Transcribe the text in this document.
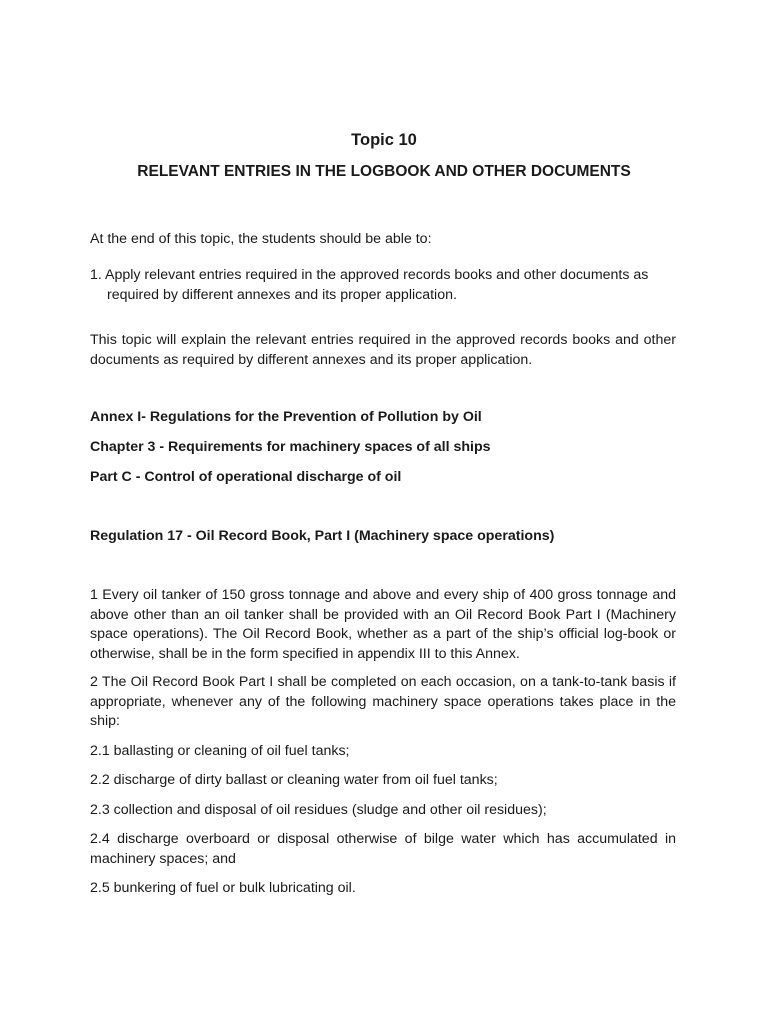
Topic 10

RELEVANT ENTRIES IN THE LOGBOOK AND OTHER DOCUMENTS

At the end of this topic, the students should be able to:

1. Apply relevant entries required in the approved records books and other documents as required by different annexes and its proper application.

This topic will explain the relevant entries required in the approved records books and other documents as required by different annexes and its proper application.

Annex I- Regulations for the Prevention of Pollution by Oil

Chapter 3 - Requirements for machinery spaces of all ships

Part C - Control of operational discharge of oil

Regulation 17 - Oil Record Book, Part I (Machinery space operations)

1 Every oil tanker of 150 gross tonnage and above and every ship of 400 gross tonnage and above other than an oil tanker shall be provided with an Oil Record Book Part I (Machinery space operations). The Oil Record Book, whether as a part of the ship’s official log-book or otherwise, shall be in the form specified in appendix III to this Annex.

2 The Oil Record Book Part I shall be completed on each occasion, on a tank-to-tank basis if appropriate, whenever any of the following machinery space operations takes place in the ship:

2.1 ballasting or cleaning of oil fuel tanks;

2.2 discharge of dirty ballast or cleaning water from oil fuel tanks;

2.3 collection and disposal of oil residues (sludge and other oil residues);

2.4 discharge overboard or disposal otherwise of bilge water which has accumulated in machinery spaces; and

2.5 bunkering of fuel or bulk lubricating oil.
